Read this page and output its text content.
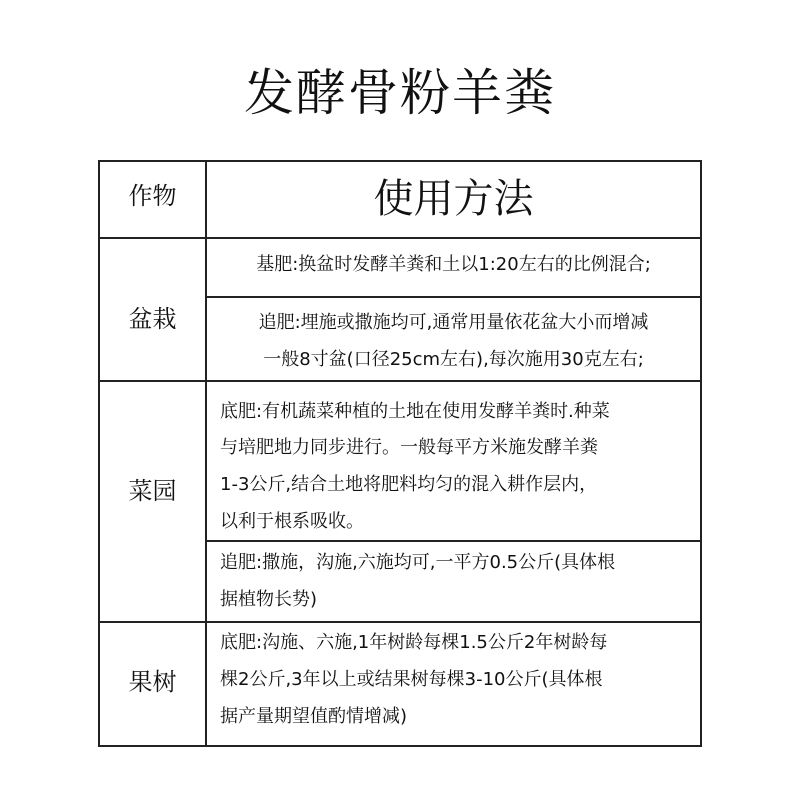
发酵骨粉羊粪
作物	使用方法
盆栽
基肥:换盆时发酵羊粪和土以1:20左右的比例混合;
追肥:埋施或撒施均可,通常用量依花盆大小而增减
一般8寸盆(口径25cm左右),每次施用30克左右;
菜园
底肥:有机蔬菜种植的土地在使用发酵羊粪时.种菜
与培肥地力同步进行。一般每平方米施发酵羊粪
1-3公斤,结合土地将肥料均匀的混入耕作层内，
以利于根系吸收。
追肥:撒施，沟施,六施均可,一平方0.5公斤(具体根
据植物长势)
果树
底肥:沟施、六施,1年树龄每棵1.5公斤2年树龄每
棵2公斤,3年以上或结果树每棵3-10公斤(具体根
据产量期望值酌情增减)
